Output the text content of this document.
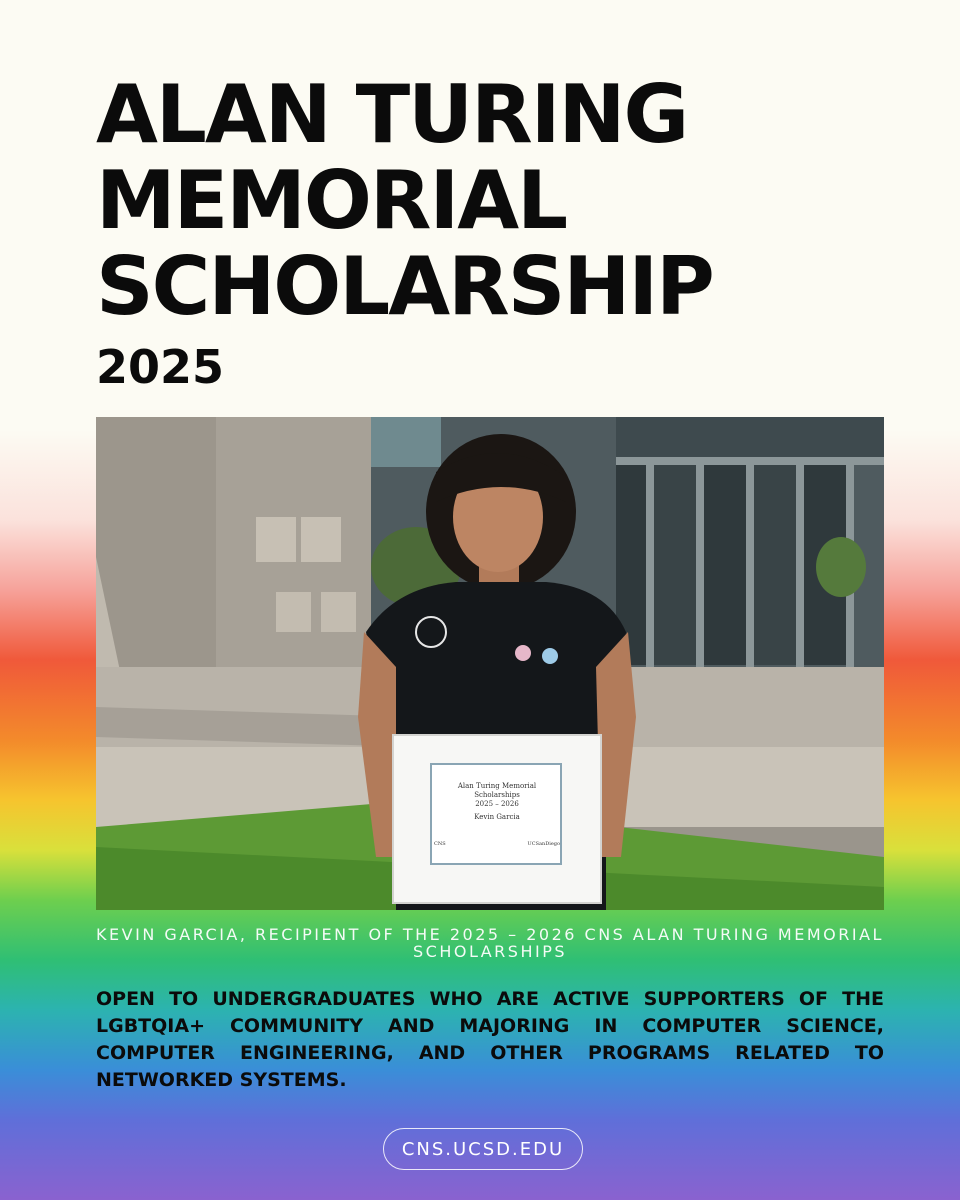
ALAN TURING
MEMORIAL
SCHOLARSHIP
2025
Alan Turing Memorial Scholarships
2025 – 2026
Kevin Garcia
CNS	UCSanDiego
KEVIN GARCIA, RECIPIENT OF THE 2025 – 2026 CNS ALAN TURING MEMORIAL SCHOLARSHIPS
OPEN TO UNDERGRADUATES WHO ARE ACTIVE SUPPORTERS OF THE LGBTQIA+ COMMUNITY AND MAJORING IN COMPUTER SCIENCE, COMPUTER ENGINEERING, AND OTHER PROGRAMS RELATED TO NETWORKED SYSTEMS.
CNS.UCSD.EDU
